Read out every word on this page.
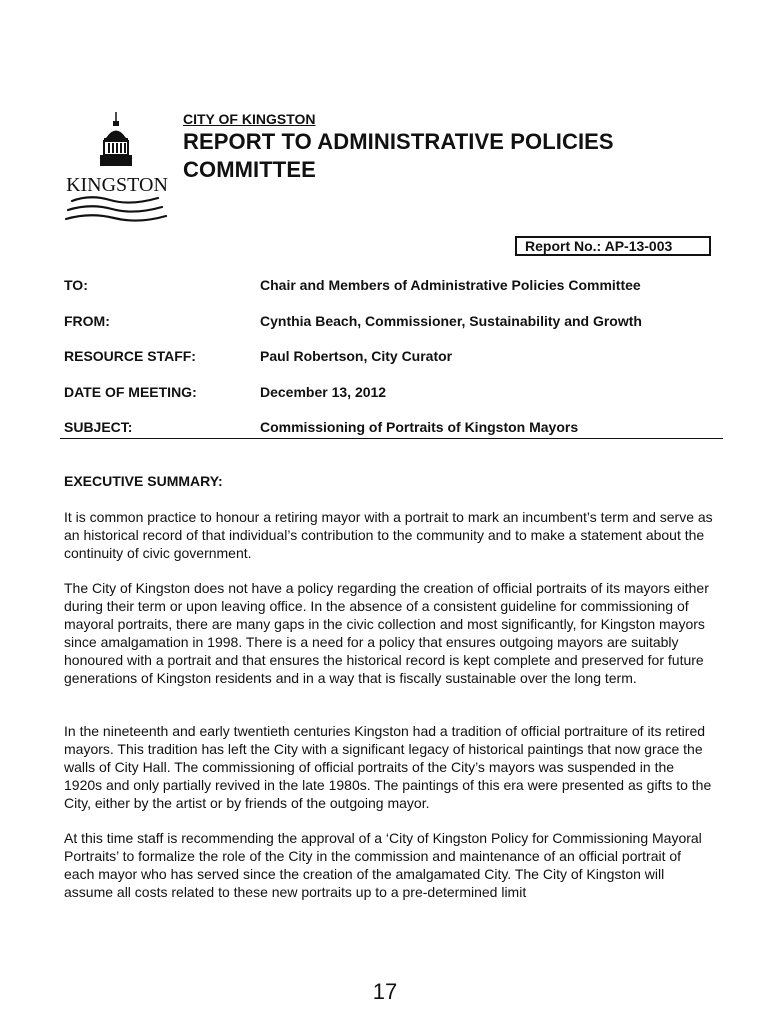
KINGSTON
CITY OF KINGSTON
REPORT TO ADMINISTRATIVE POLICIES COMMITTEE
Report No.: AP-13-003
TO:	Chair and Members of Administrative Policies Committee
FROM:	Cynthia Beach, Commissioner, Sustainability and Growth
RESOURCE STAFF:	Paul Robertson, City Curator
DATE OF MEETING:	December 13, 2012
SUBJECT:	Commissioning of Portraits of Kingston Mayors
EXECUTIVE SUMMARY:

It is common practice to honour a retiring mayor with a portrait to mark an incumbent’s term and serve as an historical record of that individual’s contribution to the community and to make a statement about the continuity of civic government.

The City of Kingston does not have a policy regarding the creation of official portraits of its mayors either during their term or upon leaving office. In the absence of a consistent guideline for commissioning of mayoral portraits, there are many gaps in the civic collection and most significantly, for Kingston mayors since amalgamation in 1998. There is a need for a policy that ensures outgoing mayors are suitably honoured with a portrait and that ensures the historical record is kept complete and preserved for future generations of Kingston residents and in a way that is fiscally sustainable over the long term.

In the nineteenth and early twentieth centuries Kingston had a tradition of official portraiture of its retired mayors. This tradition has left the City with a significant legacy of historical paintings that now grace the walls of City Hall. The commissioning of official portraits of the City’s mayors was suspended in the 1920s and only partially revived in the late 1980s. The paintings of this era were presented as gifts to the City, either by the artist or by friends of the outgoing mayor.

At this time staff is recommending the approval of a ‘City of Kingston Policy for Commissioning Mayoral Portraits’ to formalize the role of the City in the commission and maintenance of an official portrait of each mayor who has served since the creation of the amalgamated City. The City of Kingston will assume all costs related to these new portraits up to a pre-determined limit

17
